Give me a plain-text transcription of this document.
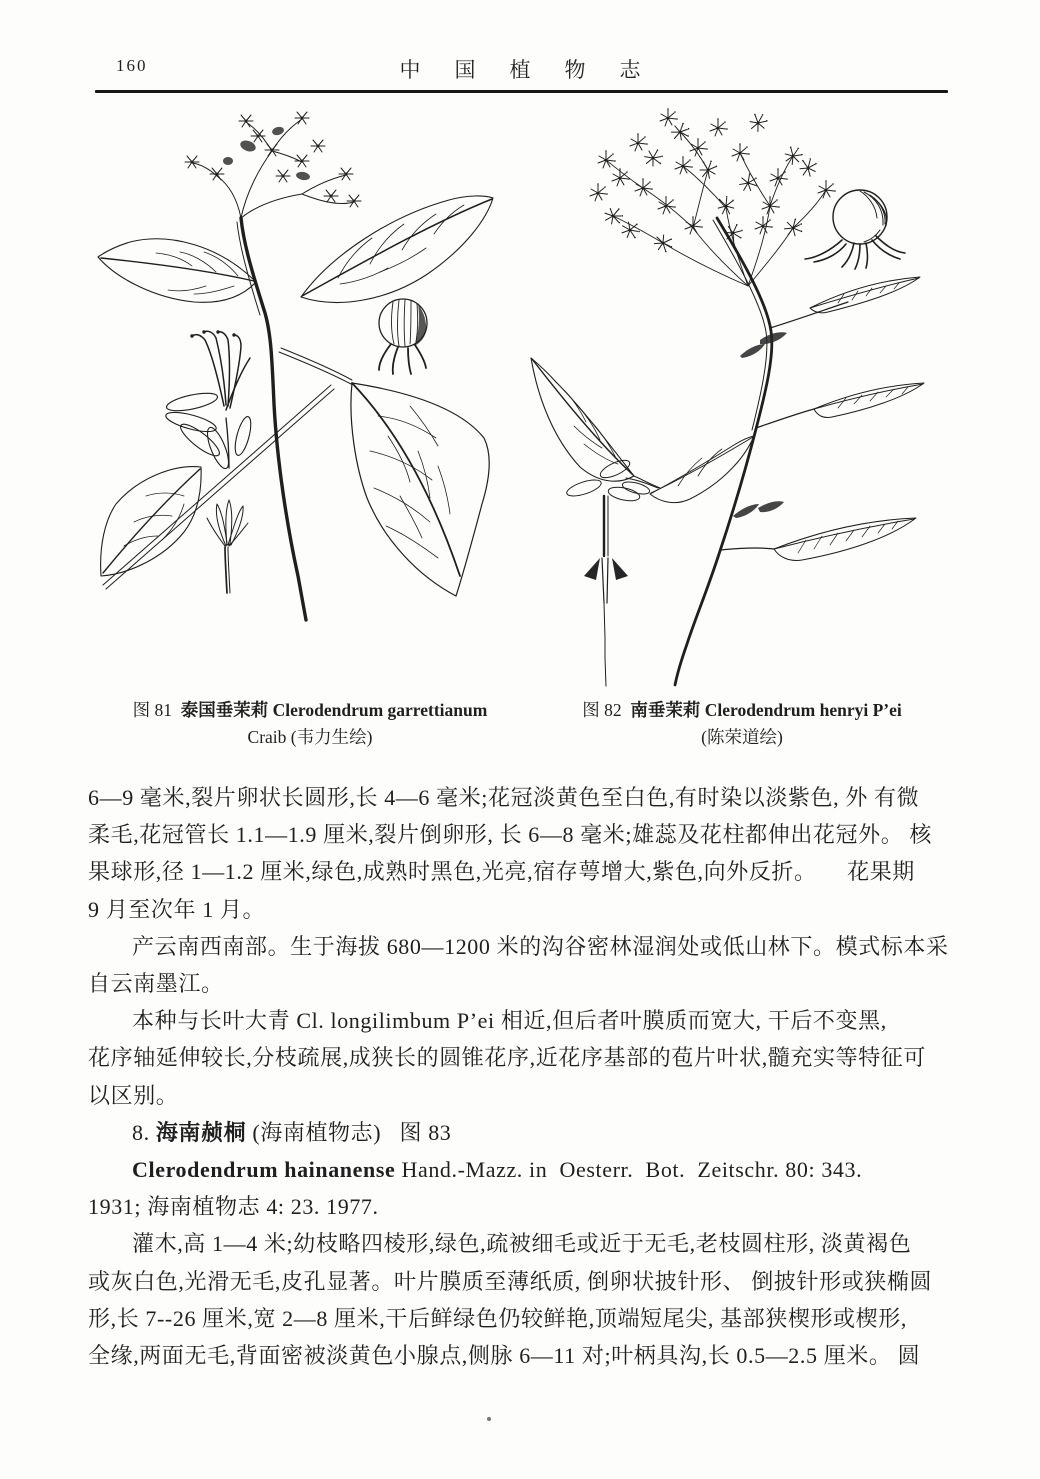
160	中国植物志
图 81 泰国垂茉莉 Clerodendrum garrettianum
Craib (韦力生绘)
图 82 南垂茉莉 Clerodendrum henryi P’ei
(陈荣道绘)
6—9 毫米,裂片卵状长圆形,长 4—6 毫米;花冠淡黄色至白色,有时染以淡紫色, 外 有微
柔毛,花冠管长 1.1—1.9 厘米,裂片倒卵形, 长 6—8 毫米;雄蕊及花柱都伸出花冠外。 核
果球形,径 1—1.2 厘米,绿色,成熟时黑色,光亮,宿存萼增大,紫色,向外反折。     花果期
9 月至次年 1 月。
产云南西南部。生于海拔 680—1200 米的沟谷密林湿润处或低山林下。模式标本采
自云南墨江。
本种与长叶大青 Cl. longilimbum P’ei 相近,但后者叶膜质而宽大, 干后不变黑,
花序轴延伸较长,分枝疏展,成狭长的圆锥花序,近花序基部的苞片叶状,髓充实等特征可
以区别。
8. 海南赪桐 (海南植物志) 图 83
Clerodendrum hainanense Hand.-Mazz. in  Oesterr.  Bot.  Zeitschr. 80: 343.
1931; 海南植物志 4: 23. 1977.
灌木,高 1—4 米;幼枝略四棱形,绿色,疏被细毛或近于无毛,老枝圆柱形, 淡黄褐色
或灰白色,光滑无毛,皮孔显著。叶片膜质至薄纸质, 倒卵状披针形、 倒披针形或狭椭圆
形,长 7--26 厘米,宽 2—8 厘米,干后鲜绿色仍较鲜艳,顶端短尾尖, 基部狭楔形或楔形,
全缘,两面无毛,背面密被淡黄色小腺点,侧脉 6—11 对;叶柄具沟,长 0.5—2.5 厘米。 圆
